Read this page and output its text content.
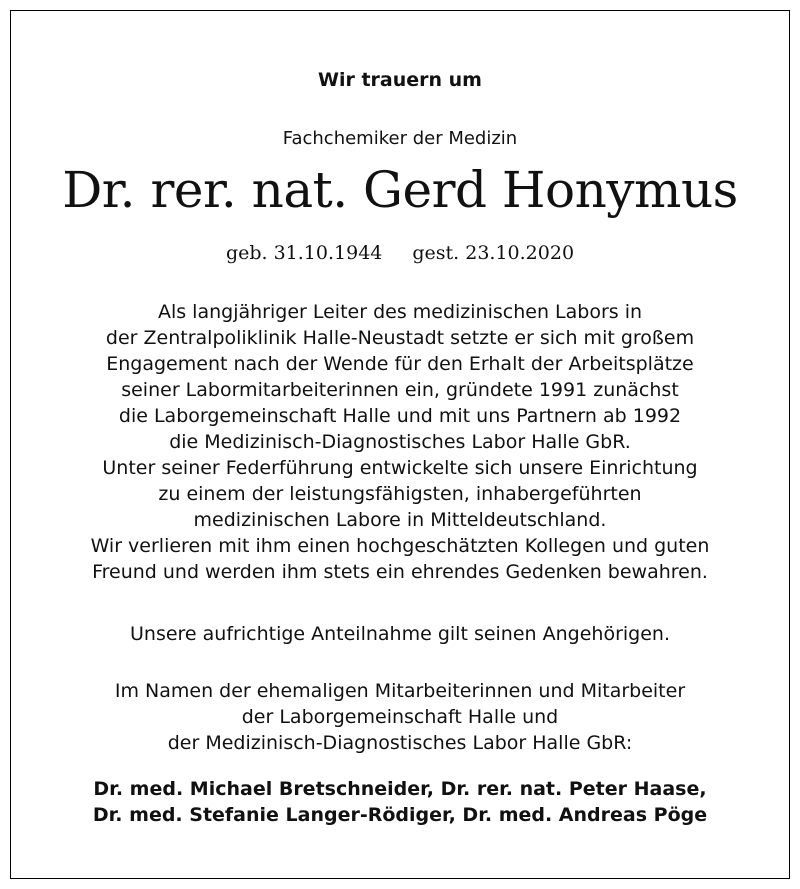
Wir trauern um
Fachchemiker der Medizin
Dr. rer. nat. Gerd Honymus
geb. 31.10.1944 gest. 23.10.2020
Als langjähriger Leiter des medizinischen Labors in
der Zentralpoliklinik Halle-Neustadt setzte er sich mit großem
Engagement nach der Wende für den Erhalt der Arbeitsplätze
seiner Labormitarbeiterinnen ein, gründete 1991 zunächst
die Laborgemeinschaft Halle und mit uns Partnern ab 1992
die Medizinisch-Diagnostisches Labor Halle GbR.
Unter seiner Federführung entwickelte sich unsere Einrichtung
zu einem der leistungsfähigsten, inhabergeführten
medizinischen Labore in Mitteldeutschland.
Wir verlieren mit ihm einen hochgeschätzten Kollegen und guten
Freund und werden ihm stets ein ehrendes Gedenken bewahren.
Unsere aufrichtige Anteilnahme gilt seinen Angehörigen.
Im Namen der ehemaligen Mitarbeiterinnen und Mitarbeiter
der Laborgemeinschaft Halle und
der Medizinisch-Diagnostisches Labor Halle GbR:
Dr. med. Michael Bretschneider, Dr. rer. nat. Peter Haase,
Dr. med. Stefanie Langer-Rödiger, Dr. med. Andreas Pöge
